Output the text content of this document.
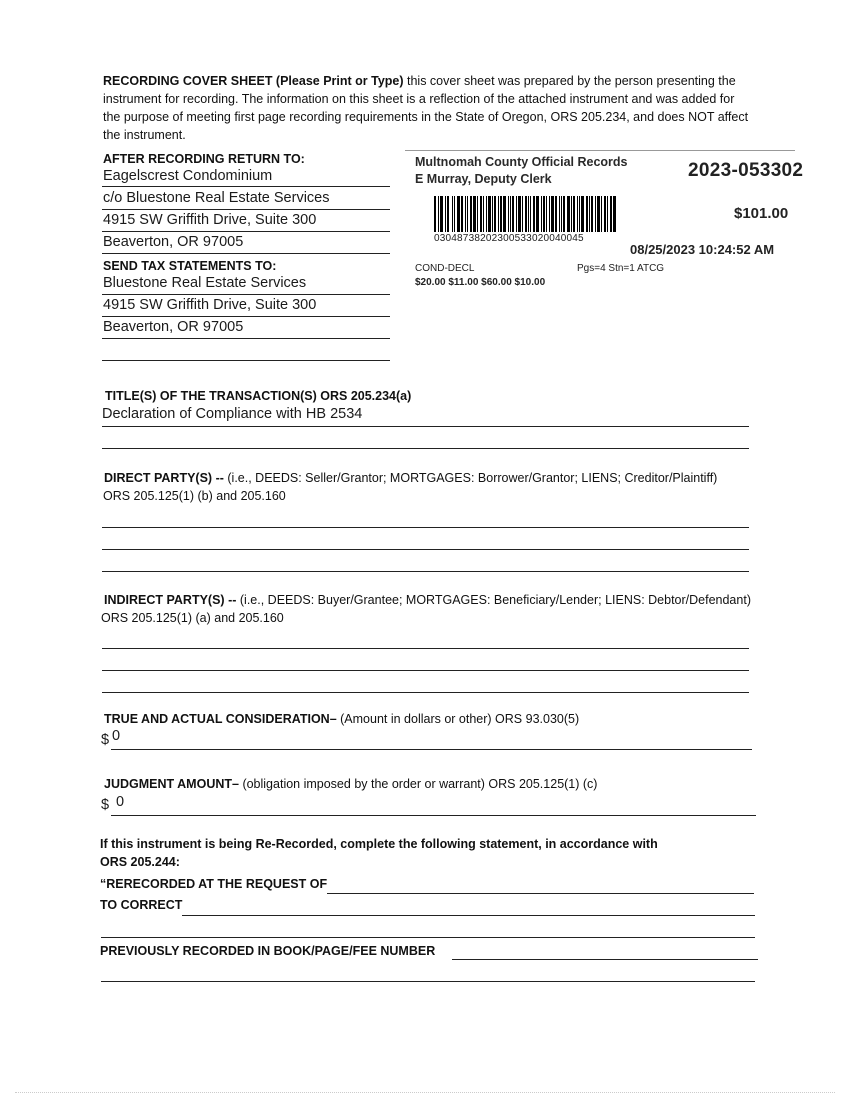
RECORDING COVER SHEET (Please Print or Type) this cover sheet was prepared by the person presenting the
instrument for recording. The information on this sheet is a reflection of the attached instrument and was added for
the purpose of meeting first page recording requirements in the State of Oregon, ORS 205.234, and does NOT affect
the instrument.
AFTER RECORDING RETURN TO:
Eagelscrest Condominium
c/o Bluestone Real Estate Services
4915 SW Griffith Drive, Suite 300
Beaverton, OR 97005
SEND TAX STATEMENTS TO:
Bluestone Real Estate Services
4915 SW Griffith Drive, Suite 300
Beaverton, OR 97005
Multnomah County Official Records
E Murray, Deputy Clerk	2023-053302
03048738202300533020040045
$101.00
08/25/2023 10:24:52 AM
COND-DECL	Pgs=4 Stn=1 ATCG
$20.00 $11.00 $60.00 $10.00
TITLE(S) OF THE TRANSACTION(S) ORS 205.234(a)
Declaration of Compliance with HB 2534
DIRECT PARTY(S) -- (i.e., DEEDS: Seller/Grantor; MORTGAGES: Borrower/Grantor; LIENS; Creditor/Plaintiff)
ORS 205.125(1) (b) and 205.160
INDIRECT PARTY(S) -- (i.e., DEEDS: Buyer/Grantee; MORTGAGES: Beneficiary/Lender; LIENS: Debtor/Defendant)
ORS 205.125(1) (a) and 205.160
TRUE AND ACTUAL CONSIDERATION– (Amount in dollars or other) ORS 93.030(5)
$ 0
JUDGMENT AMOUNT– (obligation imposed by the order or warrant) ORS 205.125(1) (c)
$ 0
If this instrument is being Re-Recorded, complete the following statement, in accordance with
ORS 205.244:
“RERECORDED AT THE REQUEST OF
TO CORRECT
PREVIOUSLY RECORDED IN BOOK/PAGE/FEE NUMBER
